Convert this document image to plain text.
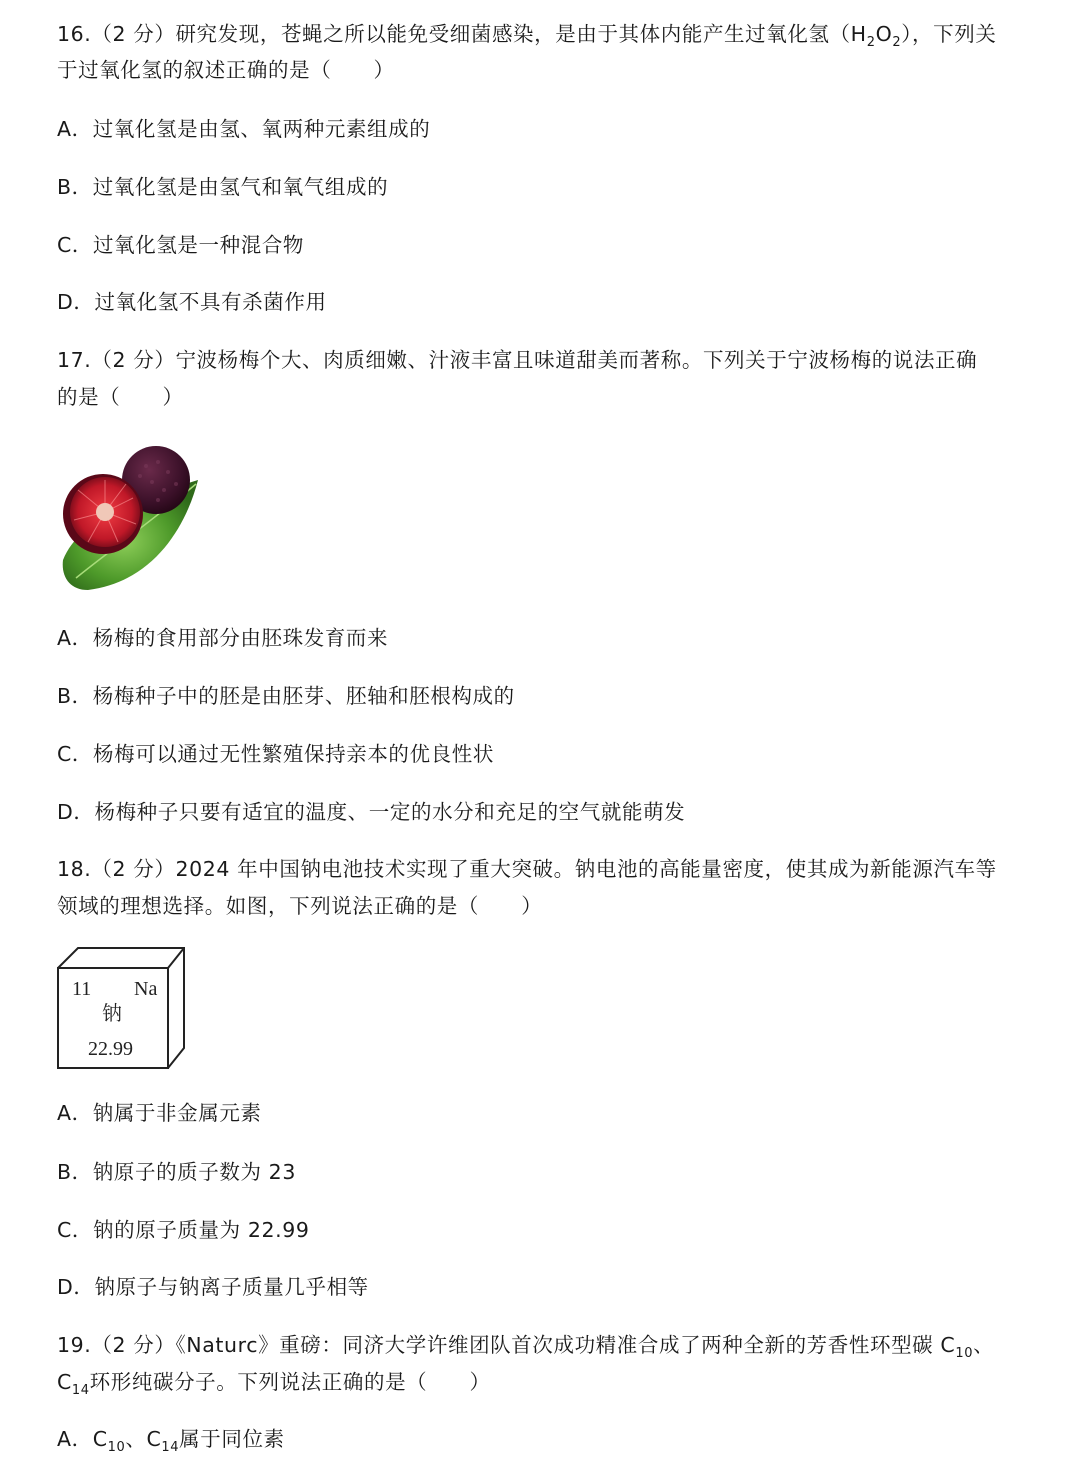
16.（2 分）研究发现，苍蝇之所以能免受细菌感染，是由于其体内能产生过氧化氢$(H_2O_2)$，下列关
于过氧化氢的叙述正确的是（　　）
A．过氧化氢是由氢、氧两种元素组成的
B．过氧化氢是由氢气和氧气组成的
C．过氧化氢是一种混合物
D．过氧化氢不具有杀菌作用
17.（2 分）宁波杨梅个大、肉质细嫩、汁液丰富且味道甜美而著称。下列关于宁波杨梅的说法正确
的是（　　）
A．杨梅的食用部分由胚珠发育而来
B．杨梅种子中的胚是由胚芽、胚轴和胚根构成的
C．杨梅可以通过无性繁殖保持亲本的优良性状
D．杨梅种子只要有适宜的温度、一定的水分和充足的空气就能萌发
18.（2 分）2024 年中国钠电池技术实现了重大突破。钠电池的高能量密度，使其成为新能源汽车等
领域的理想选择。如图，下列说法正确的是（　　）
11 Na
钠
22.99
A．钠属于非金属元素
B．钠原子的质子数为 23
C．钠的原子质量为 22.99
D．钠原子与钠离子质量几乎相等
19.（2 分）《Naturc》重磅：同济大学许维团队首次成功精准合成了两种全新的芳香性环型碳 $C_{10}$、
$C_{14}$环形纯碳分子。下列说法正确的是（　　）
A．$C_{10}$、$C_{14}$属于同位素
